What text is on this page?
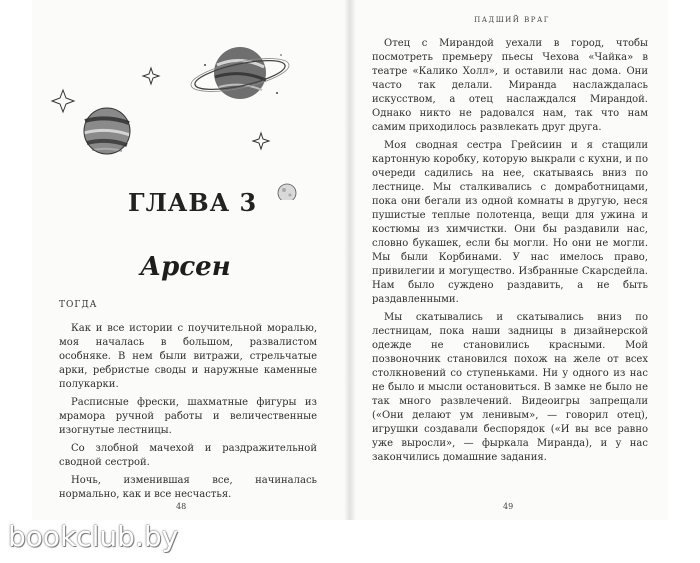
ГЛАВА 3
Арсен
ТОГДА

Как и все истории с поучительной моралью, моя началась в большом, развалистом особняке. В нем были витражи, стрельчатые арки, ребристые своды и наружные каменные полукарки.

Расписные фрески, шахматные фигуры из мрамора ручной работы и величественные изогнутые лестницы.

Со злобной мачехой и раздражительной сводной сестрой.

Ночь, изменившая все, начиналась нормально, как и все несчастья.

ПАДШИЙ ВРАГ

Отец с Мирандой уехали в город, чтобы посмотреть премьеру пьесы Чехова «Чайка» в театре «Калико Холл», и оставили нас дома. Они часто так делали. Миранда наслаждалась искусством, а отец наслаждался Мирандой. Однако никто не радовался нам, так что нам самим приходилось развлекать друг друга.

Моя сводная сестра Грейсиин и я стащили картонную коробку, которую выкрали с кухни, и по очереди садились на нее, скатываясь вниз по лестнице. Мы сталкивались с домработницами, пока они бегали из одной комнаты в другую, неся пушистые теплые полотенца, вещи для ужина и костюмы из химчистки. Они бы раздавили нас, словно букашек, если бы могли. Но они не могли. Мы были Корбинами. У нас имелось право, привилегии и могущество. Избранные Скарсдейла. Нам было суждено раздавить, а не быть раздавленными.

Мы скатывались и скатывались вниз по лестницам, пока наши задницы в дизайнерской одежде не становились красными. Мой позвоночник становился похож на желе от всех столкновений со ступеньками. Ни у одного из нас не было и мысли остановиться. В замке не было не так много развлечений. Видеоигры запрещали («Они делают ум ленивым», — говорил отец), игрушки создавали беспорядок («И вы все равно уже выросли», — фыркала Миранда), и у нас закончились домашние задания.

48	49
bookclub.by
